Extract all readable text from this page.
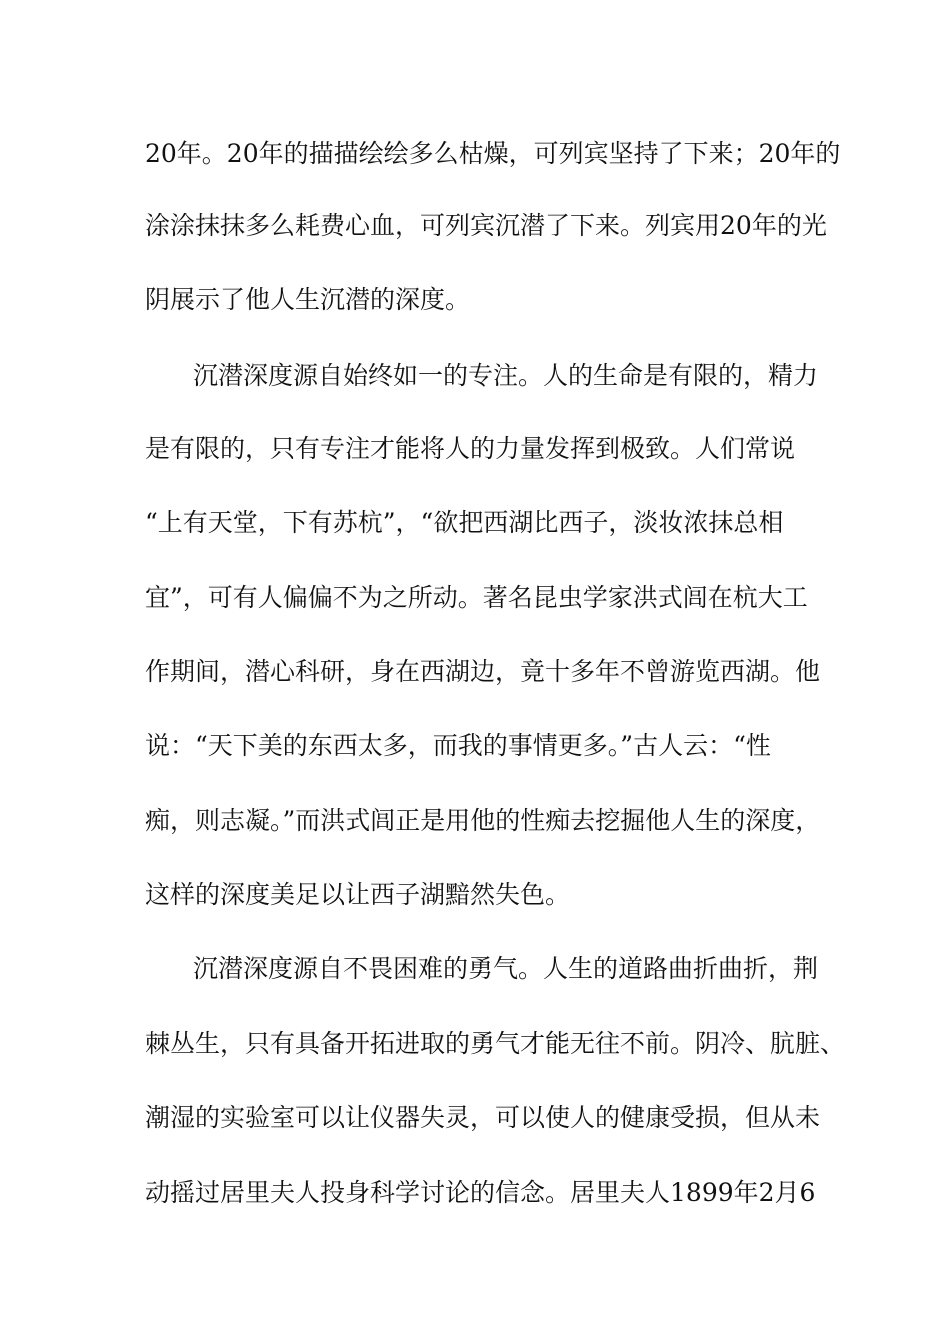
20年。20年的描描绘绘多么枯燥，可列宾坚持了下来；20年的

涂涂抹抹多么耗费心血，可列宾沉潜了下来。列宾用20年的光

阴展示了他人生沉潜的深度。

沉潜深度源自始终如一的专注。人的生命是有限的，精力

是有限的，只有专注才能将人的力量发挥到极致。人们常说

“上有天堂，下有苏杭”，“欲把西湖比西子，淡妆浓抹总相

宜”，可有人偏偏不为之所动。著名昆虫学家洪式闾在杭大工

作期间，潜心科研，身在西湖边，竟十多年不曾游览西湖。他

说：“天下美的东西太多，而我的事情更多。”古人云：“性

痴，则志凝。”而洪式闾正是用他的性痴去挖掘他人生的深度，

这样的深度美足以让西子湖黯然失色。

沉潜深度源自不畏困难的勇气。人生的道路曲折曲折，荆

棘丛生，只有具备开拓进取的勇气才能无往不前。阴冷、肮脏、

潮湿的实验室可以让仪器失灵，可以使人的健康受损，但从未

动摇过居里夫人投身科学讨论的信念。居里夫人1899年2月6
